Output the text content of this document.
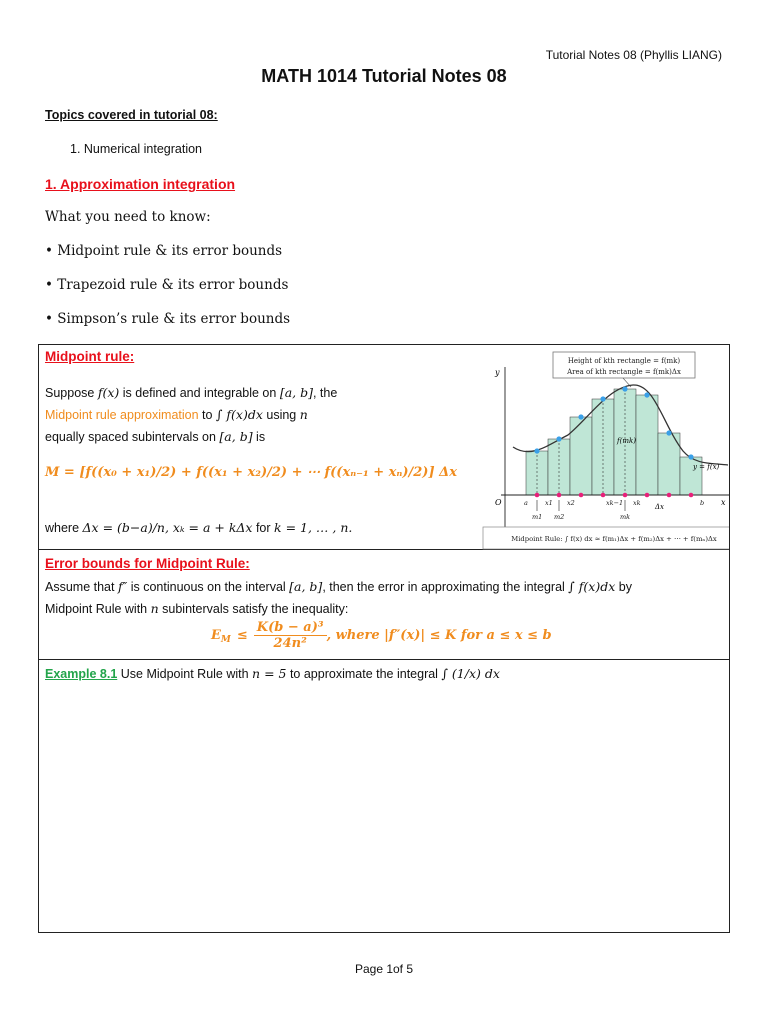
Tutorial Notes 08 (Phyllis LIANG)
MATH 1014 Tutorial Notes 08
Topics covered in tutorial 08:
1. Numerical integration
1. Approximation integration
What you need to know:
• Midpoint rule & its error bounds
• Trapezoid rule & its error bounds
• Simpson’s rule & its error bounds
Midpoint rule:
Suppose f(x) is defined and integrable on [a, b], the
Midpoint rule approximation to ∫ f(x)dx using n
equally spaced subintervals on [a, b] is
M = [f((x₀ + x₁)/2) + f((x₁ + x₂)/2) + ⋯ f((xₙ₋₁ + xₙ)/2)] Δx
where Δx = (b−a)/n, xₖ = a + kΔx for k = 1, … , n.
Height of kth rectangle = f(mk)
Area of kth rectangle = f(mk)Δx
y
x
O
y = f(x)
f(mk)
a	x1 x2	xk−1 xk	b
m1 m2	mk
Δx
Midpoint Rule: ∫ f(x) dx ≈ f(m₁)Δx + f(m₂)Δx + ⋯ + f(mₙ)Δx
Error bounds for Midpoint Rule:
Assume that f″ is continuous on the interval [a, b], then the error in approximating the integral ∫ f(x)dx by
Midpoint Rule with n subintervals satisfy the inequality:
E $M \le \frac{\text{K(b − a)³}}{\text{24n²}}$ , where |f″(x)| ≤ K for a ≤ x ≤ b
Example 8.1 Use Midpoint Rule with n = 5 to approximate the integral ∫ (1/x) dx
Page 1of 5
